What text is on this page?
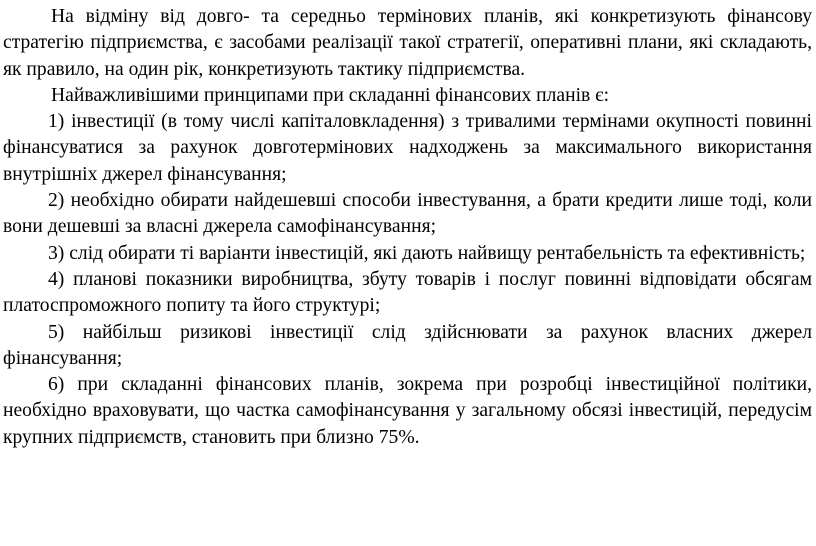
На відміну від довго- та середньо термінових планів, які конкретизують фінансову стратегію підприємства, є засобами реалізації такої стратегії, оперативні плани, які складають, як правило, на один рік, конкретизують тактику підприємства.

Найважливішими принципами при складанні фінансових планів є:

1) інвестиції (в тому числі капіталовкладення) з тривалими термінами окупності повинні фінансуватися за рахунок довготермінових надходжень за максимального використання внутрішніх джерел фінансування;

2) необхідно обирати найдешевші способи інвестування, а брати кредити лише тоді, коли вони дешевші за власні джерела самофінансування;

3) слід обирати ті варіанти інвестицій, які дають найвищу рентабельність та ефективність;

4) планові показники виробництва, збуту товарів і послуг повинні відповідати обсягам платоспроможного попиту та його структурі;

5) найбільш ризикові інвестиції слід здійснювати за рахунок власних джерел фінансування;

6) при складанні фінансових планів, зокрема при розробці інвестиційної політики, необхідно враховувати, що частка самофінансування у загальному обсязі інвестицій, передусім крупних підприємств, становить при близно 75%.
